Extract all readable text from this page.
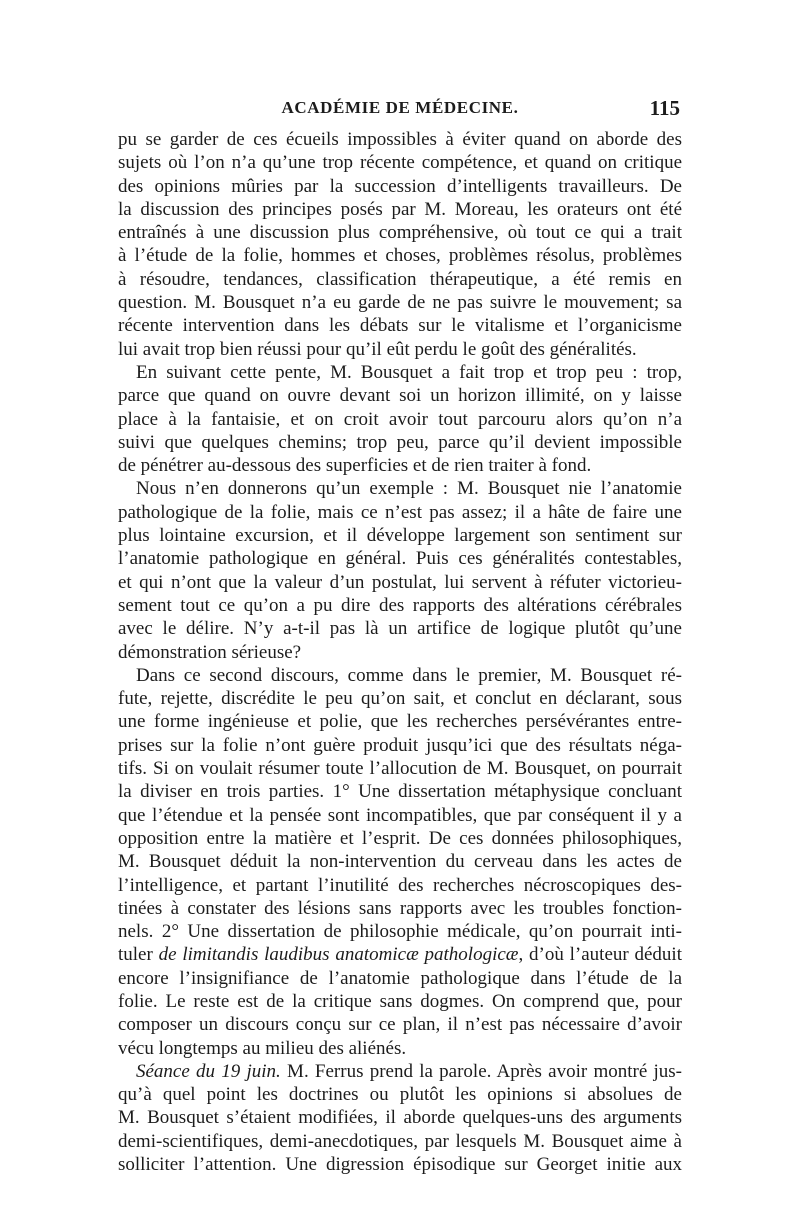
ACADÉMIE DE MÉDECINE.	115
pu se garder de ces écueils impossibles à éviter quand on aborde des
sujets où l’on n’a qu’une trop récente compétence, et quand on critique
des opinions mûries par la succession d’intelligents travailleurs. De
la discussion des principes posés par M. Moreau, les orateurs ont été
entraînés à une discussion plus compréhensive, où tout ce qui a trait
à l’étude de la folie, hommes et choses, problèmes résolus, problèmes
à résoudre, tendances, classification thérapeutique, a été remis en
question. M. Bousquet n’a eu garde de ne pas suivre le mouvement; sa
récente intervention dans les débats sur le vitalisme et l’organicisme
lui avait trop bien réussi pour qu’il eût perdu le goût des généralités.
En suivant cette pente, M. Bousquet a fait trop et trop peu : trop,
parce que quand on ouvre devant soi un horizon illimité, on y laisse
place à la fantaisie, et on croit avoir tout parcouru alors qu’on n’a
suivi que quelques chemins; trop peu, parce qu’il devient impossible
de pénétrer au-dessous des superficies et de rien traiter à fond.
Nous n’en donnerons qu’un exemple : M. Bousquet nie l’anatomie
pathologique de la folie, mais ce n’est pas assez; il a hâte de faire une
plus lointaine excursion, et il développe largement son sentiment sur
l’anatomie pathologique en général. Puis ces généralités contestables,
et qui n’ont que la valeur d’un postulat, lui servent à réfuter victorieu-
sement tout ce qu’on a pu dire des rapports des altérations cérébrales
avec le délire. N’y a-t-il pas là un artifice de logique plutôt qu’une
démonstration sérieuse?
Dans ce second discours, comme dans le premier, M. Bousquet ré-
fute, rejette, discrédite le peu qu’on sait, et conclut en déclarant, sous
une forme ingénieuse et polie, que les recherches persévérantes entre-
prises sur la folie n’ont guère produit jusqu’ici que des résultats néga-
tifs. Si on voulait résumer toute l’allocution de M. Bousquet, on pourrait
la diviser en trois parties. 1° Une dissertation métaphysique concluant
que l’étendue et la pensée sont incompatibles, que par conséquent il y a
opposition entre la matière et l’esprit. De ces données philosophiques,
M. Bousquet déduit la non-intervention du cerveau dans les actes de
l’intelligence, et partant l’inutilité des recherches nécroscopiques des-
tinées à constater des lésions sans rapports avec les troubles fonction-
nels. 2° Une dissertation de philosophie médicale, qu’on pourrait inti-
tuler de limitandis laudibus anatomicæ pathologicæ, d’où l’auteur déduit
encore l’insignifiance de l’anatomie pathologique dans l’étude de la
folie. Le reste est de la critique sans dogmes. On comprend que, pour
composer un discours conçu sur ce plan, il n’est pas nécessaire d’avoir
vécu longtemps au milieu des aliénés.
Séance du 19 juin. M. Ferrus prend la parole. Après avoir montré jus-
qu’à quel point les doctrines ou plutôt les opinions si absolues de
M. Bousquet s’étaient modifiées, il aborde quelques-uns des arguments
demi-scientifiques, demi-anecdotiques, par lesquels M. Bousquet aime à
solliciter l’attention. Une digression épisodique sur Georget initie aux
